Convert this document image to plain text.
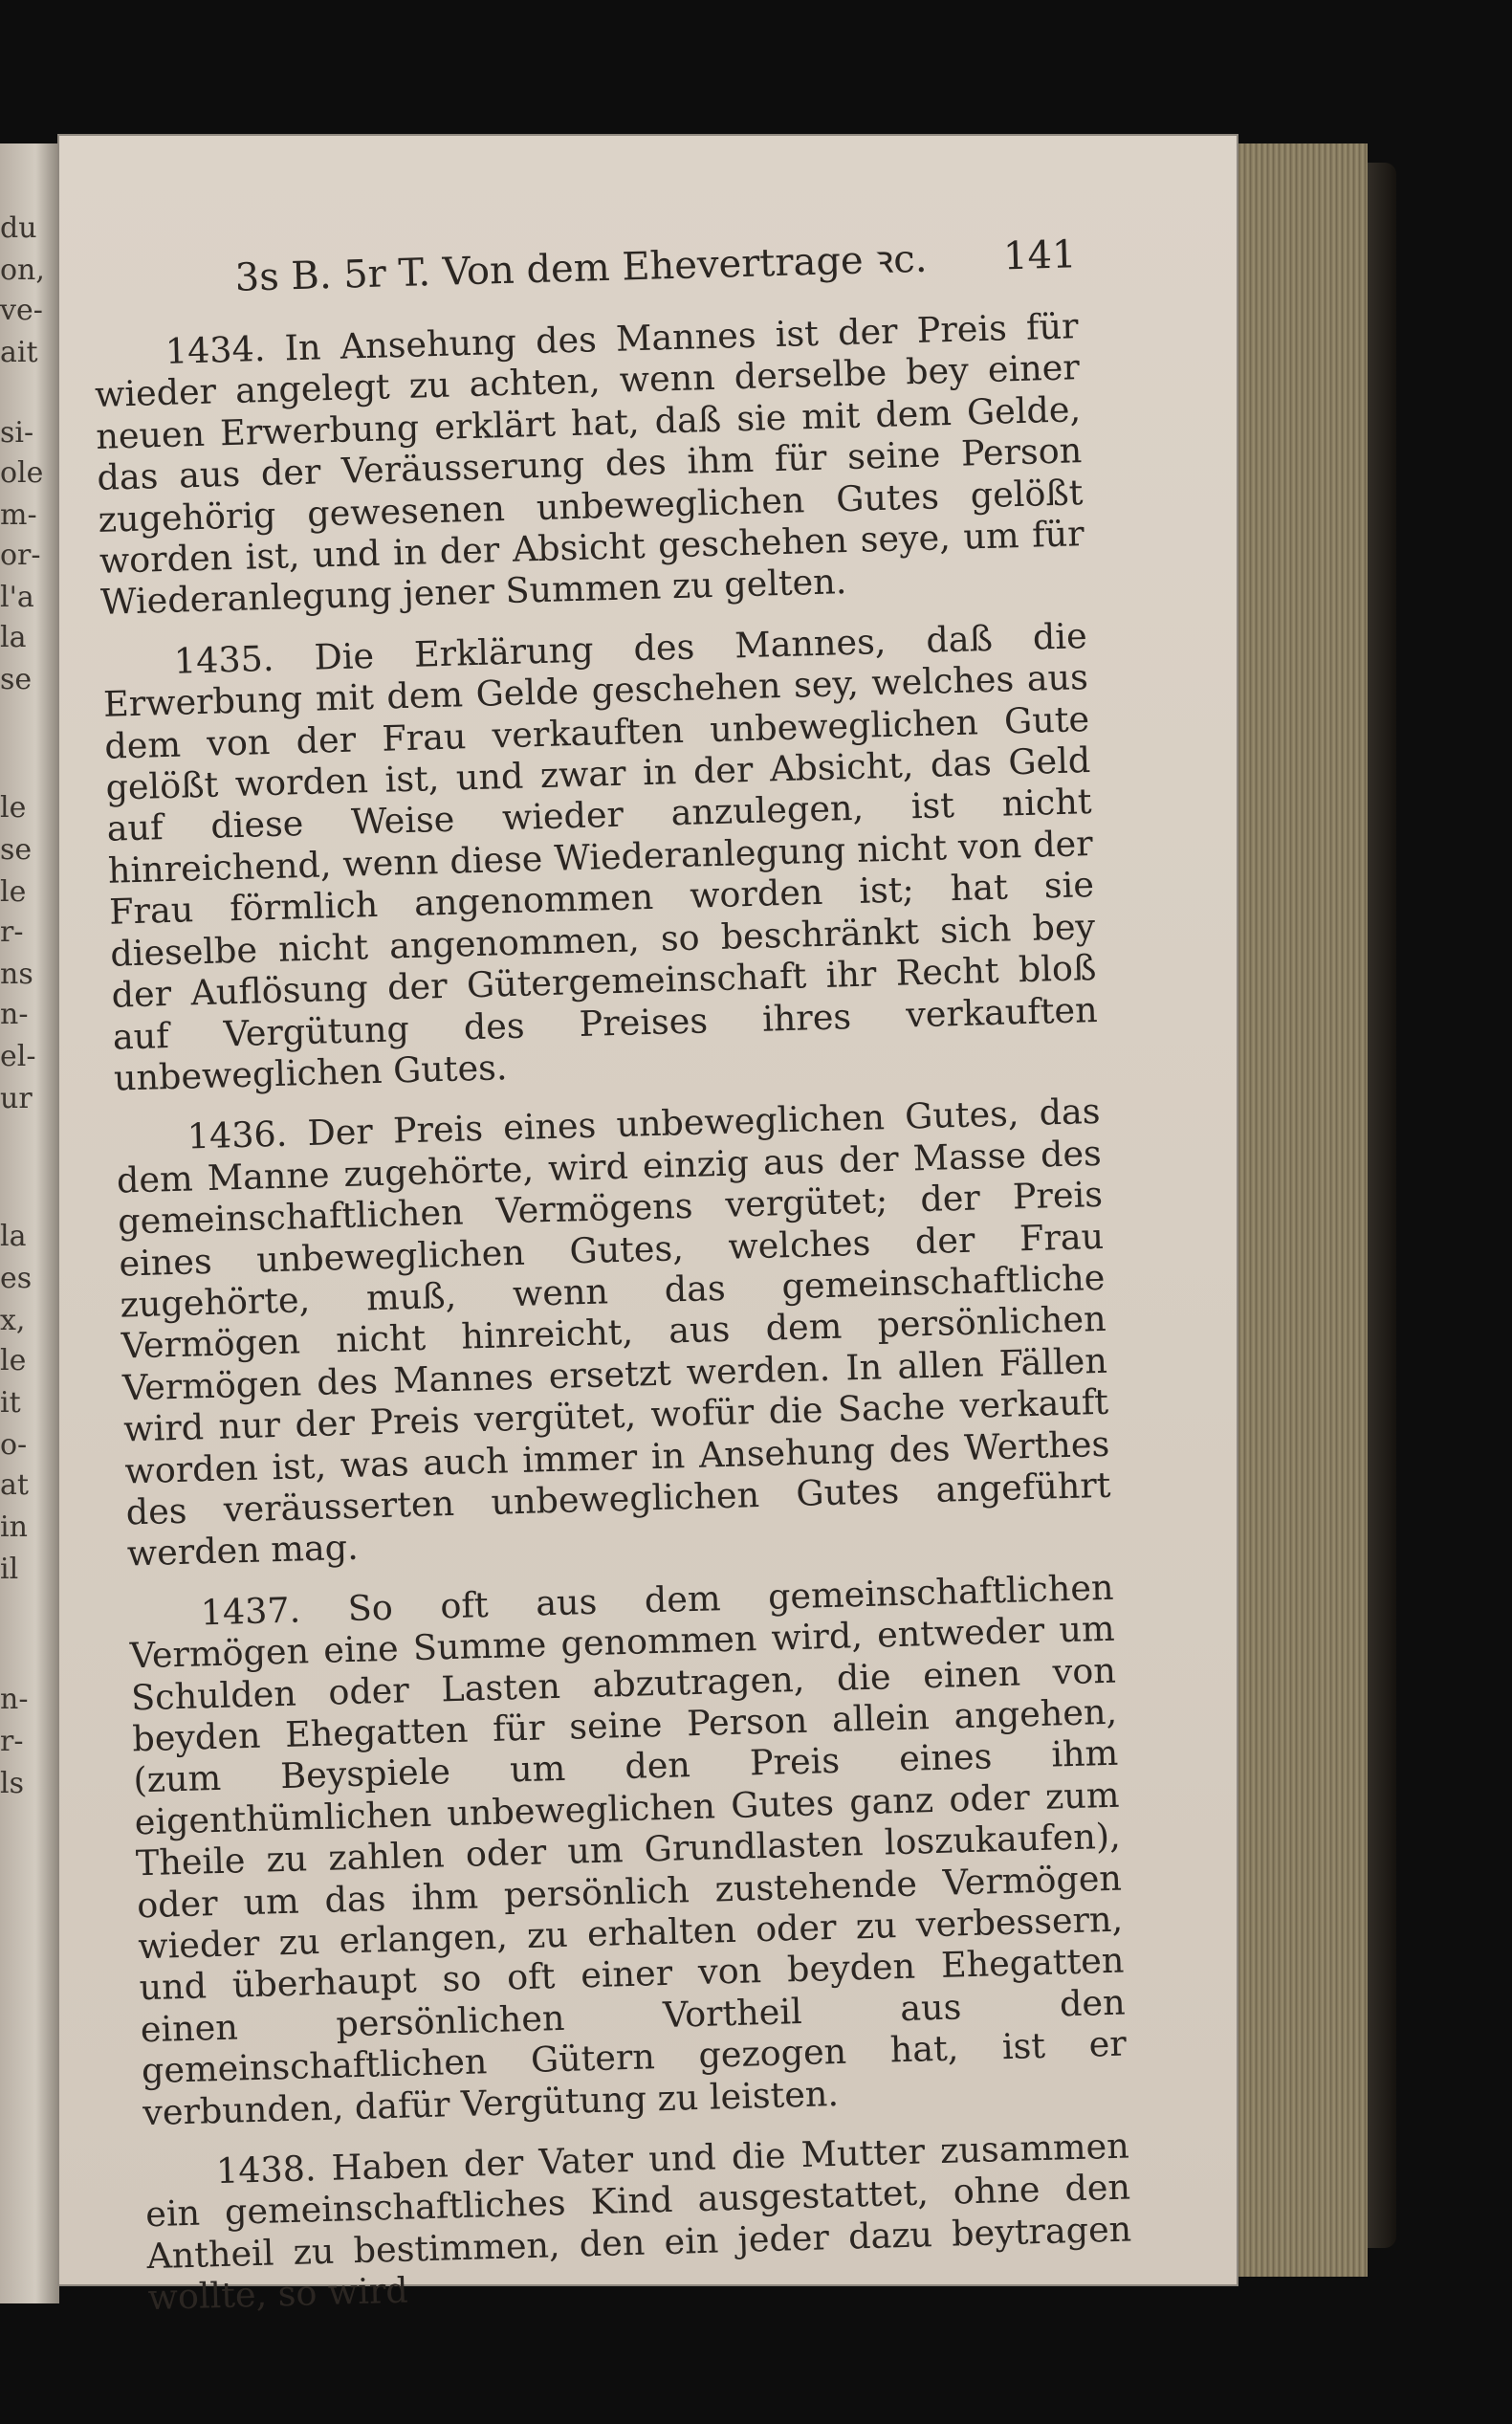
du
on,
ve-
ait
si-
ole
m-
or-
l'a
la
se
le
se
le
r-
ns
n-
el-
ur
la
es
x,
le
it
o-
at
in
il
n-
r-
ls
3s B. 5r T. Von dem Ehevertrage ꝛc. 141

1434. In Ansehung des Mannes ist der Preis für wieder angelegt zu achten, wenn derselbe bey einer neuen Erwerbung erklärt hat, daß sie mit dem Gelde, das aus der Veräusserung des ihm für seine Person zugehörig gewesenen unbeweglichen Gutes gelößt worden ist, und in der Absicht geschehen seye, um für Wiederanlegung jener Summen zu gelten.

1435. Die Erklärung des Mannes, daß die Erwerbung mit dem Gelde geschehen sey, welches aus dem von der Frau verkauften unbeweglichen Gute gelößt worden ist, und zwar in der Absicht, das Geld auf diese Weise wieder anzulegen, ist nicht hinreichend, wenn diese Wiederanlegung nicht von der Frau förmlich angenommen worden ist; hat sie dieselbe nicht angenommen, so beschränkt sich bey der Auflösung der Gütergemeinschaft ihr Recht bloß auf Vergütung des Preises ihres verkauften unbeweglichen Gutes.

1436. Der Preis eines unbeweglichen Gutes, das dem Manne zugehörte, wird einzig aus der Masse des gemeinschaftlichen Vermögens vergütet; der Preis eines unbeweglichen Gutes, welches der Frau zugehörte, muß, wenn das gemeinschaftliche Vermögen nicht hinreicht, aus dem persönlichen Vermögen des Mannes ersetzt werden. In allen Fällen wird nur der Preis vergütet, wofür die Sache verkauft worden ist, was auch immer in Ansehung des Werthes des veräusserten unbeweglichen Gutes angeführt werden mag.

1437. So oft aus dem gemeinschaftlichen Vermögen eine Summe genommen wird, entweder um Schulden oder Lasten abzutragen, die einen von beyden Ehegatten für seine Person allein angehen, (zum Beyspiele um den Preis eines ihm eigenthümlichen unbeweglichen Gutes ganz oder zum Theile zu zahlen oder um Grundlasten loszukaufen), oder um das ihm persönlich zustehende Vermögen wieder zu erlangen, zu erhalten oder zu verbessern, und überhaupt so oft einer von beyden Ehegatten einen persönlichen Vortheil aus den gemeinschaftlichen Gütern gezogen hat, ist er verbunden, dafür Vergütung zu leisten.

1438. Haben der Vater und die Mutter zusammen ein gemeinschaftliches Kind ausgestattet, ohne den Antheil zu bestimmen, den ein jeder dazu beytragen wollte, so wird
